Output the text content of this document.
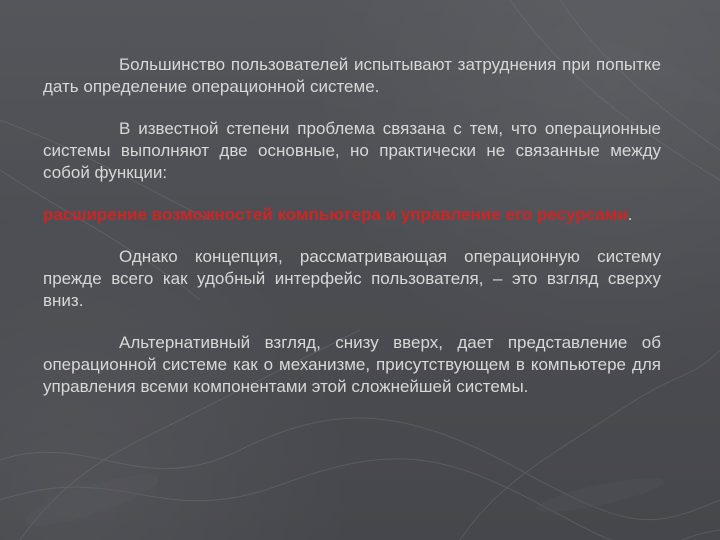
Большинство пользователей испытывают затруднения при попытке дать определение операционной системе.

В известной степени проблема связана с тем, что операционные системы выполняют две основные, но практически не связанные между собой функции:

расширение возможностей компьютера и управление его ресурсами.

Однако концепция, рассматривающая операционную систему прежде всего как удобный интерфейс пользователя, – это взгляд сверху вниз.

Альтернативный взгляд, снизу вверх, дает представление об операционной системе как о механизме, присутствующем в компьютере для управления всеми компонентами этой сложнейшей системы.
